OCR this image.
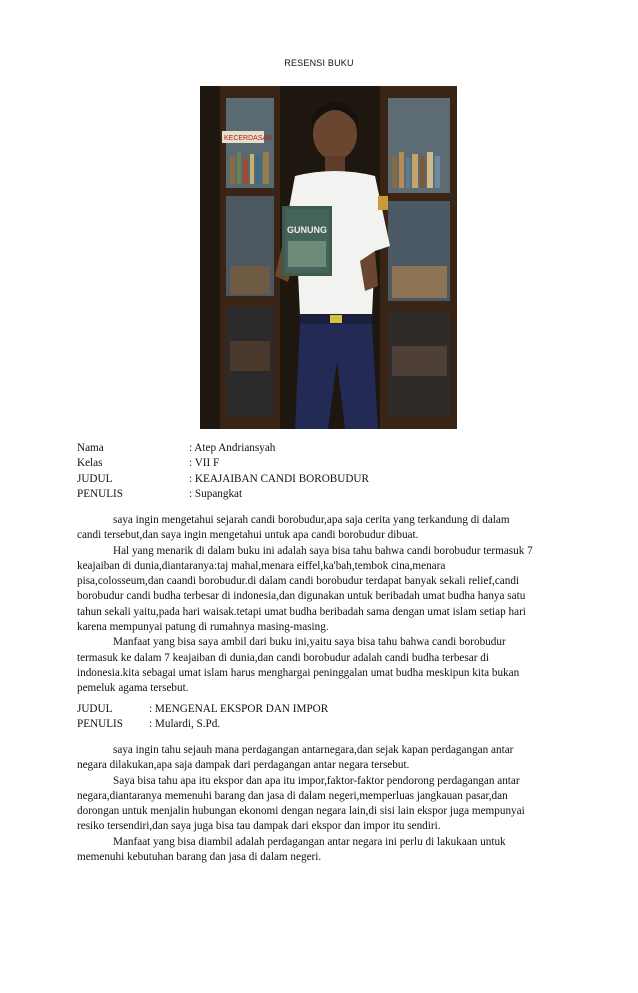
RESENSI BUKU
KECERDASAN
GUNUNG
Nama	: Atep Andriansyah
Kelas	: VII F
JUDUL	: KEAJAIBAN CANDI BOROBUDUR
PENULIS	: Supangkat
saya ingin mengetahui sejarah candi borobudur,apa saja cerita yang terkandung di dalam
candi tersebut,dan saya ingin mengetahui untuk apa candi borobudur dibuat.
Hal yang menarik di dalam buku ini adalah saya bisa tahu bahwa candi borobudur termasuk 7
keajaiban di dunia,diantaranya:taj mahal,menara eiffel,ka'bah,tembok cina,menara
pisa,colosseum,dan caandi borobudur.di dalam candi borobudur terdapat banyak sekali relief,candi
borobudur candi budha terbesar di indonesia,dan digunakan untuk beribadah umat budha hanya satu
tahun sekali yaitu,pada hari waisak.tetapi umat budha beribadah sama dengan umat islam setiap hari
karena mempunyai patung di rumahnya masing-masing.
Manfaat yang bisa saya ambil dari buku ini,yaitu saya bisa tahu bahwa candi borobudur
termasuk ke dalam 7 keajaiban di dunia,dan candi borobudur adalah candi budha terbesar di
indonesia.kita sebagai umat islam harus menghargai peninggalan umat budha meskipun kita bukan
pemeluk agama tersebut.
JUDUL	: MENGENAL EKSPOR DAN IMPOR
PENULIS	: Mulardi, S.Pd.
saya ingin tahu sejauh mana perdagangan antarnegara,dan sejak kapan perdagangan antar
negara dilakukan,apa saja dampak dari perdagangan antar negara tersebut.
Saya bisa tahu apa itu ekspor dan apa itu impor,faktor-faktor pendorong perdagangan antar
negara,diantaranya memenuhi barang dan jasa di dalam negeri,memperluas jangkauan pasar,dan
dorongan untuk menjalin hubungan ekonomi dengan negara lain,di sisi lain ekspor juga mempunyai
resiko tersendiri,dan saya juga bisa tau dampak dari ekspor dan impor itu sendiri.
Manfaat yang bisa diambil adalah perdagangan antar negara ini perlu di lakukaan untuk
memenuhi kebutuhan barang dan jasa di dalam negeri.
